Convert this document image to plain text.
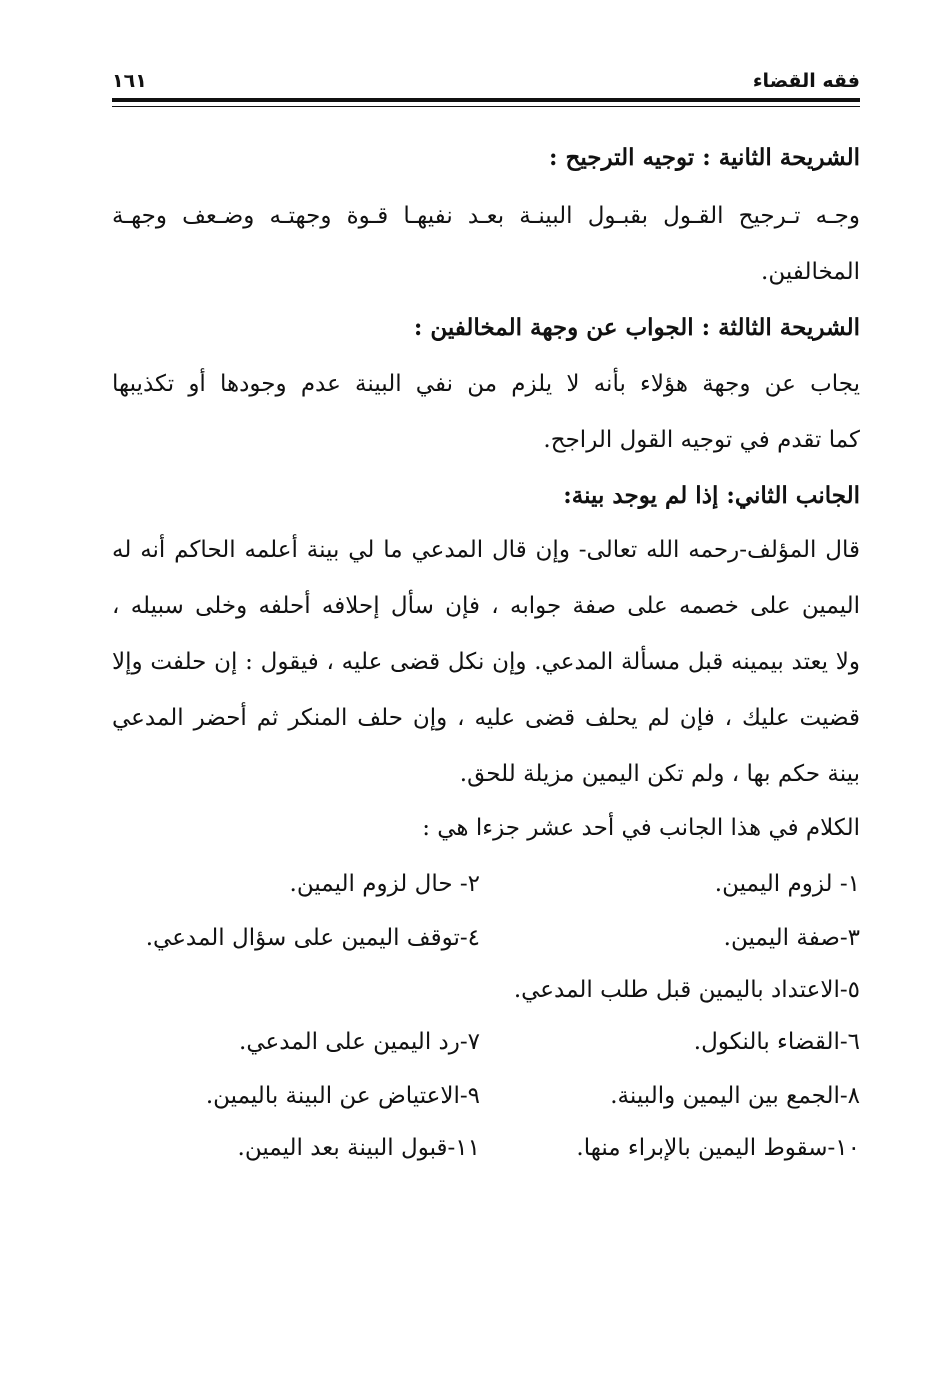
فقه القضاء
١٦١
الشريحة الثانية : توجيه الترجيح :
وجـه تـرجيح القـول بقبـول البينـة بعـد نفيهـا قـوة وجهتـه وضـعف وجهـة
المخالفين.
الشريحة الثالثة : الجواب عن وجهة المخالفين :
يجاب عن وجهة هؤلاء بأنه لا يلزم من نفي البينة عدم وجودها أو تكذيبها
كما تقدم في توجيه القول الراجح.
الجانب الثاني: إذا لم يوجد بينة:
قال المؤلف-رحمه الله تعالى- وإن قال المدعي ما لي بينة أعلمه الحاكم أنه له
اليمين على خصمه على صفة جوابه ، فإن سأل إحلافه أحلفه وخلى سبيله ،
ولا يعتد بيمينه قبل مسألة المدعي. وإن نكل قضى عليه ، فيقول : إن حلفت وإلا
قضيت عليك ، فإن لم يحلف قضى عليه ، وإن حلف المنكر ثم أحضر المدعي
بينة حكم بها ، ولم تكن اليمين مزيلة للحق.
الكلام في هذا الجانب في أحد عشر جزءا هي :
١- لزوم اليمين.
٢- حال لزوم اليمين.
٣-صفة اليمين.
٤-توقف اليمين على سؤال المدعي.
٥-الاعتداد باليمين قبل طلب المدعي.
٦-القضاء بالنكول.
٧-رد اليمين على المدعي.
٨-الجمع بين اليمين والبينة.
٩-الاعتياض عن البينة باليمين.
١٠-سقوط اليمين بالإبراء منها.
١١-قبول البينة بعد اليمين.
